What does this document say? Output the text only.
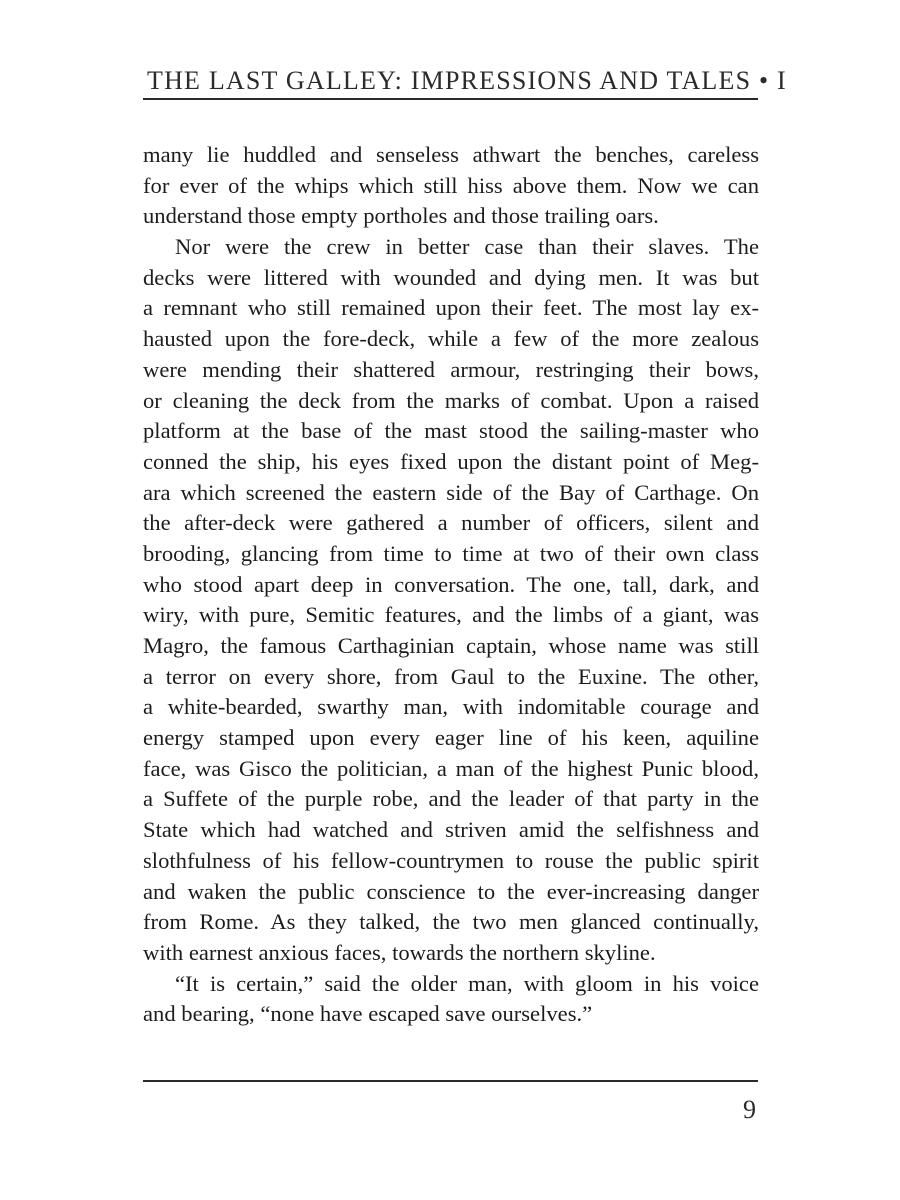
THE LAST GALLEY: IMPRESSIONS AND TALES • I
many lie huddled and senseless athwart the benches, careless
for ever of the whips which still hiss above them. Now we can
understand those empty portholes and those trailing oars.
Nor were the crew in better case than their slaves. The
decks were littered with wounded and dying men. It was but
a remnant who still remained upon their feet. The most lay ex-
hausted upon the fore-deck, while a few of the more zealous
were mending their shattered armour, restringing their bows,
or cleaning the deck from the marks of combat. Upon a raised
platform at the base of the mast stood the sailing-master who
conned the ship, his eyes fixed upon the distant point of Meg-
ara which screened the eastern side of the Bay of Carthage. On
the after-deck were gathered a number of officers, silent and
brooding, glancing from time to time at two of their own class
who stood apart deep in conversation. The one, tall, dark, and
wiry, with pure, Semitic features, and the limbs of a giant, was
Magro, the famous Carthaginian captain, whose name was still
a terror on every shore, from Gaul to the Euxine. The other,
a white-bearded, swarthy man, with indomitable courage and
energy stamped upon every eager line of his keen, aquiline
face, was Gisco the politician, a man of the highest Punic blood,
a Suffete of the purple robe, and the leader of that party in the
State which had watched and striven amid the selfishness and
slothfulness of his fellow-countrymen to rouse the public spirit
and waken the public conscience to the ever-increasing danger
from Rome. As they talked, the two men glanced continually,
with earnest anxious faces, towards the northern skyline.
“It is certain,” said the older man, with gloom in his voice
and bearing, “none have escaped save ourselves.”
9
